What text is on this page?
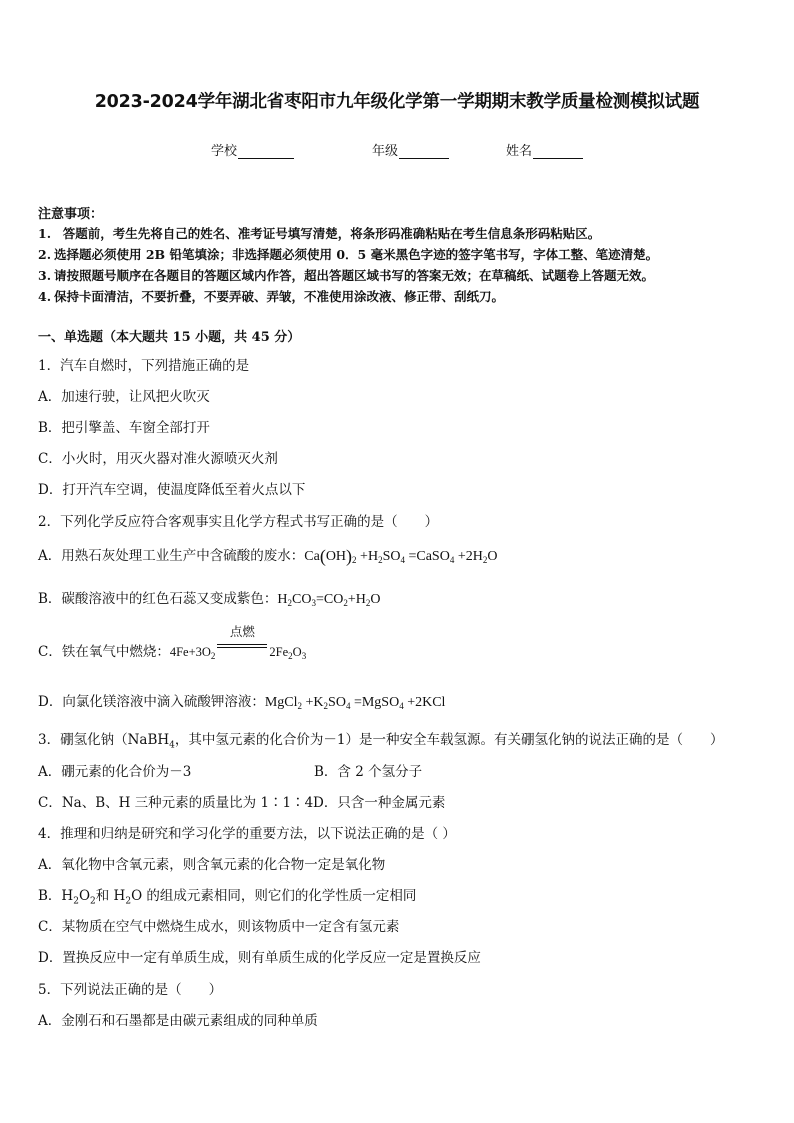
2023-2024学年湖北省枣阳市九年级化学第一学期期末教学质量检测模拟试题
学校	年级	姓名
注意事项：
1. 答题前，考生先将自己的姓名、准考证号填写清楚，将条形码准确粘贴在考生信息条形码粘贴区。
2. 选择题必须使用 2B 铅笔填涂；非选择题必须使用 0．5 毫米黑色字迹的签字笔书写，字体工整、笔迹清楚。
3. 请按照题号顺序在各题目的答题区域内作答，超出答题区域书写的答案无效；在草稿纸、试题卷上答题无效。
4. 保持卡面清洁，不要折叠，不要弄破、弄皱，不准使用涂改液、修正带、刮纸刀。
一、单选题（本大题共 15 小题，共 45 分）
1．汽车自燃时，下列措施正确的是
A．加速行驶，让风把火吹灭
B．把引擎盖、车窗全部打开
C．小火时，用灭火器对准火源喷灭火剂
D．打开汽车空调，使温度降低至着火点以下
2．下列化学反应符合客观事实且化学方程式书写正确的是（　　）
A．用熟石灰处理工业生产中含硫酸的废水：$Ca(OH)_2 +H_2SO_4$ =CaSO$_4$ $+2H_2O$
B．碳酸溶液中的红色石蕊又变成紫色：$H_2CO_3=CO_2+H_2O$
C．铁在氧气中燃烧：$4Fe+3O_2$
点燃
$2Fe_2O_3$
D．向氯化镁溶液中滴入硫酸钾溶液：MgCl$_2$ $+K_2SO_4$ =MgSO$_4$ +2KCl
3．硼氢化钠（NaBH$_4$，其中氢元素的化合价为－1）是一种安全车载氢源。有关硼氢化钠的说法正确的是（　　）
A．硼元素的化合价为－3	B．含 2 个氢分子
C．Na、B、H 三种元素的质量比为 1∶1∶4 D．只含一种金属元素
4．推理和归纳是研究和学习化学的重要方法，以下说法正确的是（ ）
A．氧化物中含氧元素，则含氧元素的化合物一定是氧化物
B．$H_2O_2$和 $H_2O$ 的组成元素相同，则它们的化学性质一定相同
C．某物质在空气中燃烧生成水，则该物质中一定含有氢元素
D．置换反应中一定有单质生成，则有单质生成的化学反应一定是置换反应
5．下列说法正确的是（　　）
A．金刚石和石墨都是由碳元素组成的同种单质
